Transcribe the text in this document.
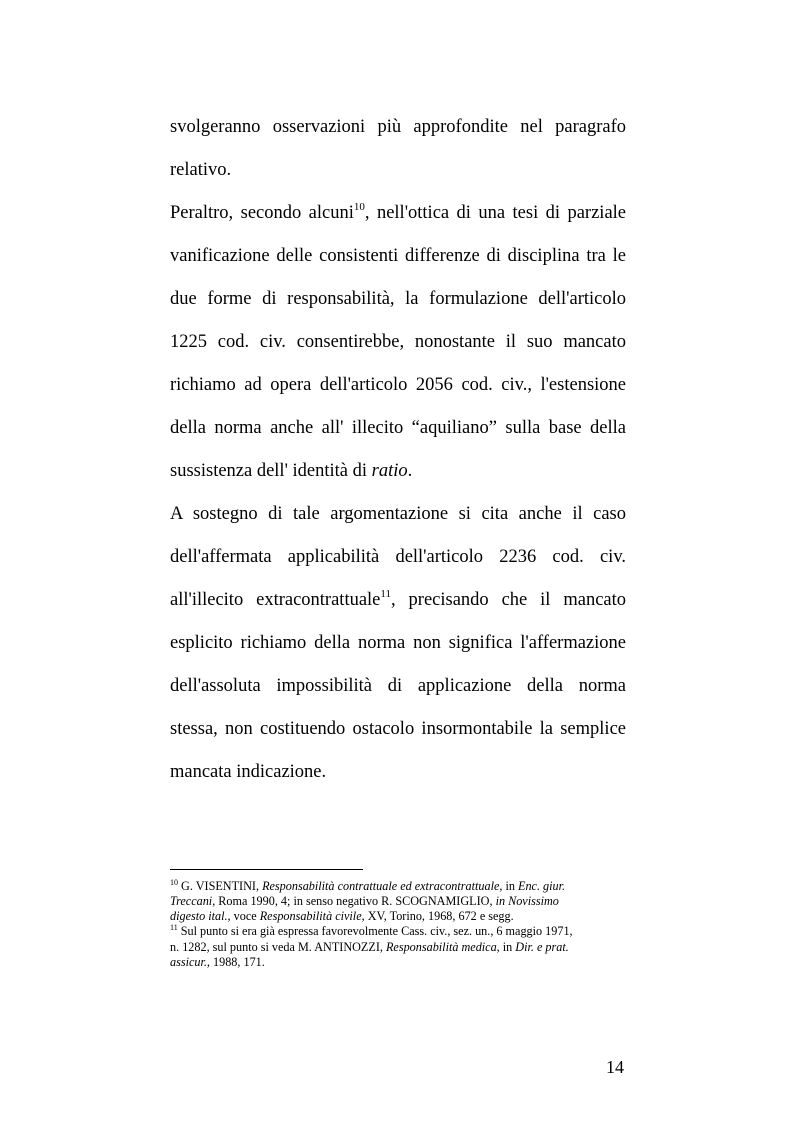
svolgeranno osservazioni più approfondite nel paragrafo
relativo.
Peraltro, secondo alcuni$^{10}$, nell'ottica di una tesi di parziale
vanificazione delle consistenti differenze di disciplina tra le
due forme di responsabilità, la formulazione dell'articolo
1225 cod. civ. consentirebbe, nonostante il suo mancato
richiamo ad opera dell'articolo 2056 cod. civ., l'estensione
della norma anche all' illecito “aquiliano” sulla base della
sussistenza dell' identità di ratio.
A sostegno di tale argomentazione si cita anche il caso
dell'affermata applicabilità dell'articolo 2236 cod. civ.
all'illecito extracontrattuale$^{11}$, precisando che il mancato
esplicito richiamo della norma non significa l'affermazione
dell'assoluta impossibilità di applicazione della norma
stessa, non costituendo ostacolo insormontabile la semplice
mancata indicazione.
$^{10}$ G. VISENTINI, Responsabilità contrattuale ed extracontrattuale, in Enc. giur.
Treccani, Roma 1990, 4; in senso negativo R. SCOGNAMIGLIO, in Novissimo
digesto ital., voce Responsabilità civile, XV, Torino, 1968, 672 e segg.
$^{11}$ Sul punto si era già espressa favorevolmente Cass. civ., sez. un., 6 maggio 1971,
n. 1282, sul punto si veda M. ANTINOZZI, Responsabilità medica, in Dir. e prat.
assicur., 1988, 171.
14
